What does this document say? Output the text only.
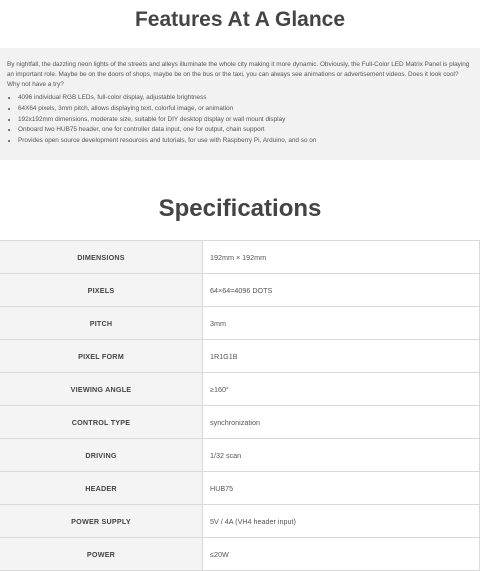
Features At A Glance

By nightfall, the dazzling neon lights of the streets and alleys illuminate the whole city making it more dynamic. Obviously, the Full-Color LED Matrix Panel is playing an important role. Maybe be on the doors of shops, maybe be on the bus or the taxi, you can always see animations or advertisement videos. Does it look cool? Why not have a try?

• 4096 individual RGB LEDs, full-color display, adjustable brightness
• 64X64 pixels, 3mm pitch, allows displaying text, colorful image, or animation
• 192x192mm dimensions, moderate size, suitable for DIY desktop display or wall mount display
• Onboard two HUB75 header, one for controller data input, one for output, chain support
• Provides open source development resources and tutorials, for use with Raspberry Pi, Arduino, and so on
Specifications
DIMENSIONS	192mm × 192mm
PIXELS	64×64=4096 DOTS
PITCH	3mm
PIXEL FORM	1R1G1B
VIEWING ANGLE	≥160°
CONTROL TYPE	synchronization
DRIVING	1/32 scan
HEADER	HUB75
POWER SUPPLY	5V / 4A (VH4 header input)
POWER	≤20W
